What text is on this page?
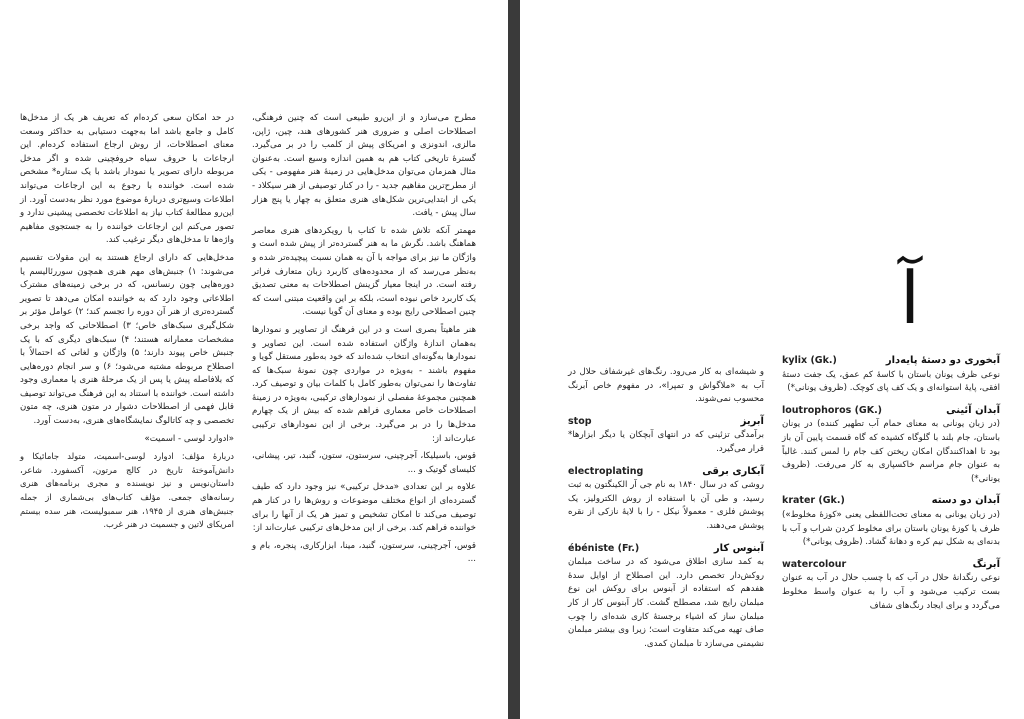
مطرح می‌سازد و از این‌رو طبیعی است که چنین فرهنگی، اصطلاحات اصلی و ضروری هنر کشورهای هند، چین، ژاپن، مالزی، اندونزی و امریکای پیش از کلمب را در بر می‌گیرد. گسترهٔ تاریخی کتاب هم به همین اندازه وسیع است. به‌عنوان مثال همزمان می‌توان مدخل‌هایی در زمینهٔ هنر مفهومی - یکی از مطرح‌ترین مفاهیم جدید - را در کنار توصیفی از هنر سیکلاد - یکی از ابتدایی‌ترین شکل‌های هنری متعلق به چهار یا پنج هزار سال پیش - یافت.

مهمتر آنکه تلاش شده تا کتاب با رویکردهای هنری معاصر هماهنگ باشد. نگرش ما به هنر گسترده‌تر از پیش شده است و واژگان ما نیز برای مواجه با آن به همان نسبت پیچیده‌تر شده و به‌نظر می‌رسد که از محدوده‌های کاربرد زبان متعارف فراتر رفته است. در اینجا معیار گزینش اصطلاحات به معنی تصدیق یک کاربرد خاص نبوده است، بلکه بر این واقعیت مبتنی است که چنین اصطلاحی رایج بوده و معنای آن گویا نیست.

هنر ماهیتاً بصری است و در این فرهنگ از تصاویر و نمودارها به‌همان اندازهٔ واژگان استفاده شده است. این تصاویر و نمودارها به‌گونه‌ای انتخاب شده‌اند که خود به‌طور مستقل گویا و مفهوم باشند - به‌ویژه در مواردی چون نمونهٔ سبک‌ها که تفاوت‌ها را نمی‌توان به‌طور کامل با کلمات بیان و توصیف کرد. همچنین مجموعهٔ مفصلی از نمودارهای ترکیبی، به‌ویژه در زمینهٔ اصطلاحات خاص معماری فراهم شده که بیش از یک چهارم مدخل‌ها را در بر می‌گیرد. برخی از این نمودارهای ترکیبی عبارت‌اند از:

قوس، باسیلیکا، آجرچینی، سرستون، ستون، گنبد، تیر، پیشانی، کلیسای گوتیک و ...

علاوه بر این تعدادی «مدخل ترکیبی» نیز وجود دارد که طیف گسترده‌ای از انواع مختلف موضوعات و روش‌ها را در کنار هم توصیف می‌کند تا امکان تشخیص و تمیز هر یک از آنها را برای خواننده فراهم کند. برخی از این مدخل‌های ترکیبی عبارت‌اند از:

قوس، آجرچینی، سرستون، گنبد، مینا، ابزارکاری، پنجره، بام و ...

در حد امکان سعی کرده‌ام که تعریف هر یک از مدخل‌ها کامل و جامع باشد اما به‌جهت دستیابی به حداکثر وسعت معنای اصطلاحات، از روش ارجاع استفاده کرده‌ام. این ارجاعات با حروف سیاه حروفچینی شده و اگر مدخل مربوطه دارای تصویر یا نمودار باشد با یک ستاره* مشخص شده است. خواننده با رجوع به این ارجاعات می‌تواند اطلاعات وسیع‌تری دربارهٔ موضوع مورد نظر به‌دست آورد. از این‌رو مطالعهٔ کتاب نیاز به اطلاعات تخصصی پیشینی ندارد و تصور می‌کنم این ارجاعات خواننده را به جستجوی مفاهیم واژه‌ها تا مدخل‌های دیگر ترغیب کند.

مدخل‌هایی که دارای ارجاع هستند به این مقولات تقسیم می‌شوند: ۱) جنبش‌های مهم هنری همچون سوررئالیسم یا دوره‌هایی چون رنسانس، که در برخی زمینه‌های مشترک اطلاعاتی وجود دارد که به خواننده امکان می‌دهد تا تصویر گسترده‌تری از هنر آن دوره را تجسم کند؛ ۲) عوامل مؤثر بر شکل‌گیری سبک‌های خاص؛ ۳) اصطلاحاتی که واجد برخی مشخصات معمارانه هستند؛ ۴) سبک‌های دیگری که با یک جنبش خاص پیوند دارند؛ ۵) واژگان و لغاتی که احتمالاً با اصطلاح مربوطه مشتبه می‌شود؛ ۶) و سر انجام دوره‌هایی که بلافاصله پیش یا پس از یک مرحلهٔ هنری یا معماری وجود داشته است. خواننده با استناد به این فرهنگ می‌تواند توصیف قابل فهمی از اصطلاحات دشوار در متون هنری، چه متون تخصصی و چه کاتالوگ نمایشگاه‌های هنری، به‌دست آورد.

«ادوارد لوسی - اسمیت»

دربارهٔ مؤلف: ادوارد لوسی-اسمیت، متولد جامائیکا و دانش‌آموختهٔ تاریخ در کالج مرتون، آکسفورد. شاعر، داستان‌نویس و نیز نویسنده و مجری برنامه‌های هنری رسانه‌های جمعی. مؤلف کتاب‌های بی‌شماری از جمله جنبش‌های هنری از ۱۹۴۵، هنر سمبولیست، هنر سده بیستم امریکای لاتین و جسمیت در هنر غرب.

آ
آبخوری دو دستهٔ پایه‌دار
kylix (Gk.)

نوعی ظرف یونان باستان با کاسهٔ کم عمق، یک جفت دستهٔ افقی، پایهٔ استوانه‌ای و یک کف پای کوچک. (ظروف یونانی*)

آبدان آئینی
loutrophoros (GK.)

(در زبان یونانی به معنای حمام آب تطهیر کننده) در یونان باستان، جام بلند با گلوگاه کشیده که گاه قسمت پایین آن باز بود تا اهداکنندگان امکان ریختن کف جام را لمس کنند. غالباً به عنوان جام مراسم خاکسپاری به کار می‌رفت. (ظروف یونانی*)

آبدان دو دسته
krater (Gk.)

(در زبان یونانی به معنای تحت‌اللفظی یعنی «کوزهٔ مخلوط») ظرف یا کوزهٔ یونان باستان برای مخلوط کردن شراب و آب با بدنه‌ای به شکل نیم کره و دهانهٔ گشاد. (ظروف یونانی*)

آبرنگ
watercolour

نوعی رنگدانهٔ حلال در آب که با چسب حلال در آب به عنوان بست ترکیب می‌شود و آب را به عنوان واسط مخلوط می‌گردد و برای ایجاد رنگ‌های شفاف

و شیشه‌ای به کار می‌رود. رنگ‌های غیرشفاف حلال در آب به «ملاگواش و تمپرا»، در مفهوم خاص آبرنگ محسوب نمی‌شوند.

آبریز
stop

برآمدگی تزئینی که در انتهای آبچکان یا دیگر ابزارها* قرار می‌گیرد.

آبکاری برقی
electroplating

روشی که در سال ۱۸۴۰ به نام جی آر الکینگتون به ثبت رسید، و طی آن با استفاده از روش الکترولیز، یک پوشش فلزی - معمولاً نیکل - را با لایهٔ نازکی از نقره پوشش می‌دهند.

آبنوس کار
ébéniste (Fr.)

به کمد سازی اطلاق می‌شود که در ساخت مبلمان روکش‌دار تخصص دارد. این اصطلاح از اوایل سدهٔ هفدهم که استفاده از آبنوس برای روکش این نوع مبلمان رایج شد، مصطلح گشت. کار آبنوس کار از کار مبلمان ساز که اشیاء برجستهٔ کاری شده‌ای را چوب صاف تهیه می‌کند متفاوت است؛ زیرا وی بیشتر مبلمان نشیمنی می‌سازد تا مبلمان کمدی.
